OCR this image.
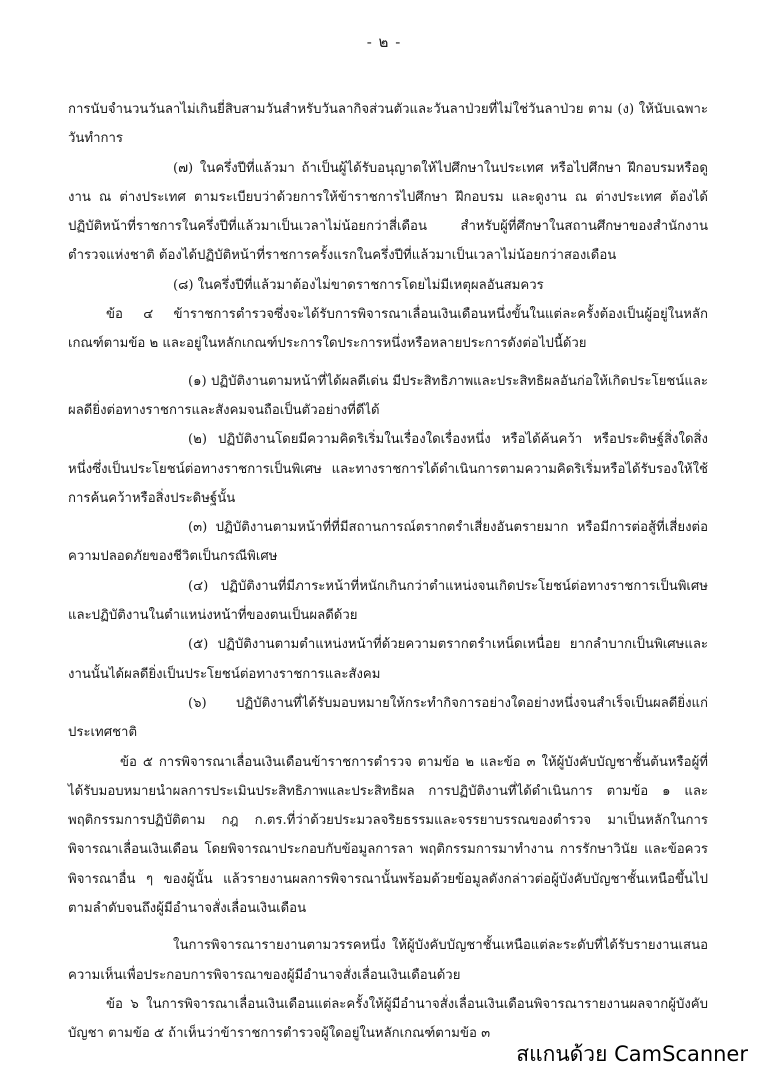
- ๒ -

การนับจำนวนวันลาไม่เกินยี่สิบสามวันสำหรับวันลากิจส่วนตัวและวันลาป่วยที่ไม่ใช่วันลาป่วย ตาม (ง) ให้นับเฉพาะวันทำการ

(๗) ในครึ่งปีที่แล้วมา ถ้าเป็นผู้ได้รับอนุญาตให้ไปศึกษาในประเทศ หรือไปศึกษา ฝึกอบรมหรือดูงาน ณ ต่างประเทศ ตามระเบียบว่าด้วยการให้ข้าราชการไปศึกษา ฝึกอบรม และดูงาน ณ ต่างประเทศ ต้องได้ปฏิบัติหน้าที่ราชการในครึ่งปีที่แล้วมาเป็นเวลาไม่น้อยกว่าสี่เดือน สำหรับผู้ที่ศึกษาในสถานศึกษาของสำนักงานตำรวจแห่งชาติ ต้องได้ปฏิบัติหน้าที่ราชการครั้งแรกในครึ่งปีที่แล้วมาเป็นเวลาไม่น้อยกว่าสองเดือน

(๘) ในครึ่งปีที่แล้วมาต้องไม่ขาดราชการโดยไม่มีเหตุผลอันสมควร

ข้อ ๔ ข้าราชการตำรวจซึ่งจะได้รับการพิจารณาเลื่อนเงินเดือนหนึ่งขั้นในแต่ละครั้งต้องเป็นผู้อยู่ในหลักเกณฑ์ตามข้อ ๒ และอยู่ในหลักเกณฑ์ประการใดประการหนึ่งหรือหลายประการดังต่อไปนี้ด้วย

(๑) ปฏิบัติงานตามหน้าที่ได้ผลดีเด่น มีประสิทธิภาพและประสิทธิผลอันก่อให้เกิดประโยชน์และผลดียิ่งต่อทางราชการและสังคมจนถือเป็นตัวอย่างที่ดีได้

(๒) ปฏิบัติงานโดยมีความคิดริเริ่มในเรื่องใดเรื่องหนึ่ง หรือได้ค้นคว้า หรือประดิษฐ์สิ่งใดสิ่งหนึ่งซึ่งเป็นประโยชน์ต่อทางราชการเป็นพิเศษ และทางราชการได้ดำเนินการตามความคิดริเริ่มหรือได้รับรองให้ใช้การค้นคว้าหรือสิ่งประดิษฐ์นั้น

(๓) ปฏิบัติงานตามหน้าที่ที่มีสถานการณ์ตรากตรำเสี่ยงอันตรายมาก หรือมีการต่อสู้ที่เสี่ยงต่อความปลอดภัยของชีวิตเป็นกรณีพิเศษ

(๔) ปฏิบัติงานที่มีภาระหน้าที่หนักเกินกว่าตำแหน่งจนเกิดประโยชน์ต่อทางราชการเป็นพิเศษ และปฏิบัติงานในตำแหน่งหน้าที่ของตนเป็นผลดีด้วย

(๕) ปฏิบัติงานตามตำแหน่งหน้าที่ด้วยความตรากตรำเหน็ดเหนื่อย ยากลำบากเป็นพิเศษและงานนั้นได้ผลดียิ่งเป็นประโยชน์ต่อทางราชการและสังคม

(๖) ปฏิบัติงานที่ได้รับมอบหมายให้กระทำกิจการอย่างใดอย่างหนึ่งจนสำเร็จเป็นผลดียิ่งแก่ประเทศชาติ

ข้อ ๕ การพิจารณาเลื่อนเงินเดือนข้าราชการตำรวจ ตามข้อ ๒ และข้อ ๓ ให้ผู้บังคับบัญชาชั้นต้นหรือผู้ที่ได้รับมอบหมายนำผลการประเมินประสิทธิภาพและประสิทธิผล การปฏิบัติงานที่ได้ดำเนินการ ตามข้อ ๑ และพฤติกรรมการปฏิบัติตาม กฎ ก.ตร.ที่ว่าด้วยประมวลจริยธรรมและจรรยาบรรณของตำรวจ มาเป็นหลักในการพิจารณาเลื่อนเงินเดือน โดยพิจารณาประกอบกับข้อมูลการลา พฤติกรรมการมาทำงาน การรักษาวินัย และข้อควรพิจารณาอื่น ๆ ของผู้นั้น แล้วรายงานผลการพิจารณานั้นพร้อมด้วยข้อมูลดังกล่าวต่อผู้บังคับบัญชาชั้นเหนือขึ้นไปตามลำดับจนถึงผู้มีอำนาจสั่งเลื่อนเงินเดือน

ในการพิจารณารายงานตามวรรคหนึ่ง ให้ผู้บังคับบัญชาชั้นเหนือแต่ละระดับที่ได้รับรายงานเสนอความเห็นเพื่อประกอบการพิจารณาของผู้มีอำนาจสั่งเลื่อนเงินเดือนด้วย

ข้อ ๖ ในการพิจารณาเลื่อนเงินเดือนแต่ละครั้งให้ผู้มีอำนาจสั่งเลื่อนเงินเดือนพิจารณารายงานผลจากผู้บังคับบัญชา ตามข้อ ๕ ถ้าเห็นว่าข้าราชการตำรวจผู้ใดอยู่ในหลักเกณฑ์ตามข้อ ๓

สแกนด้วย CamScanner
